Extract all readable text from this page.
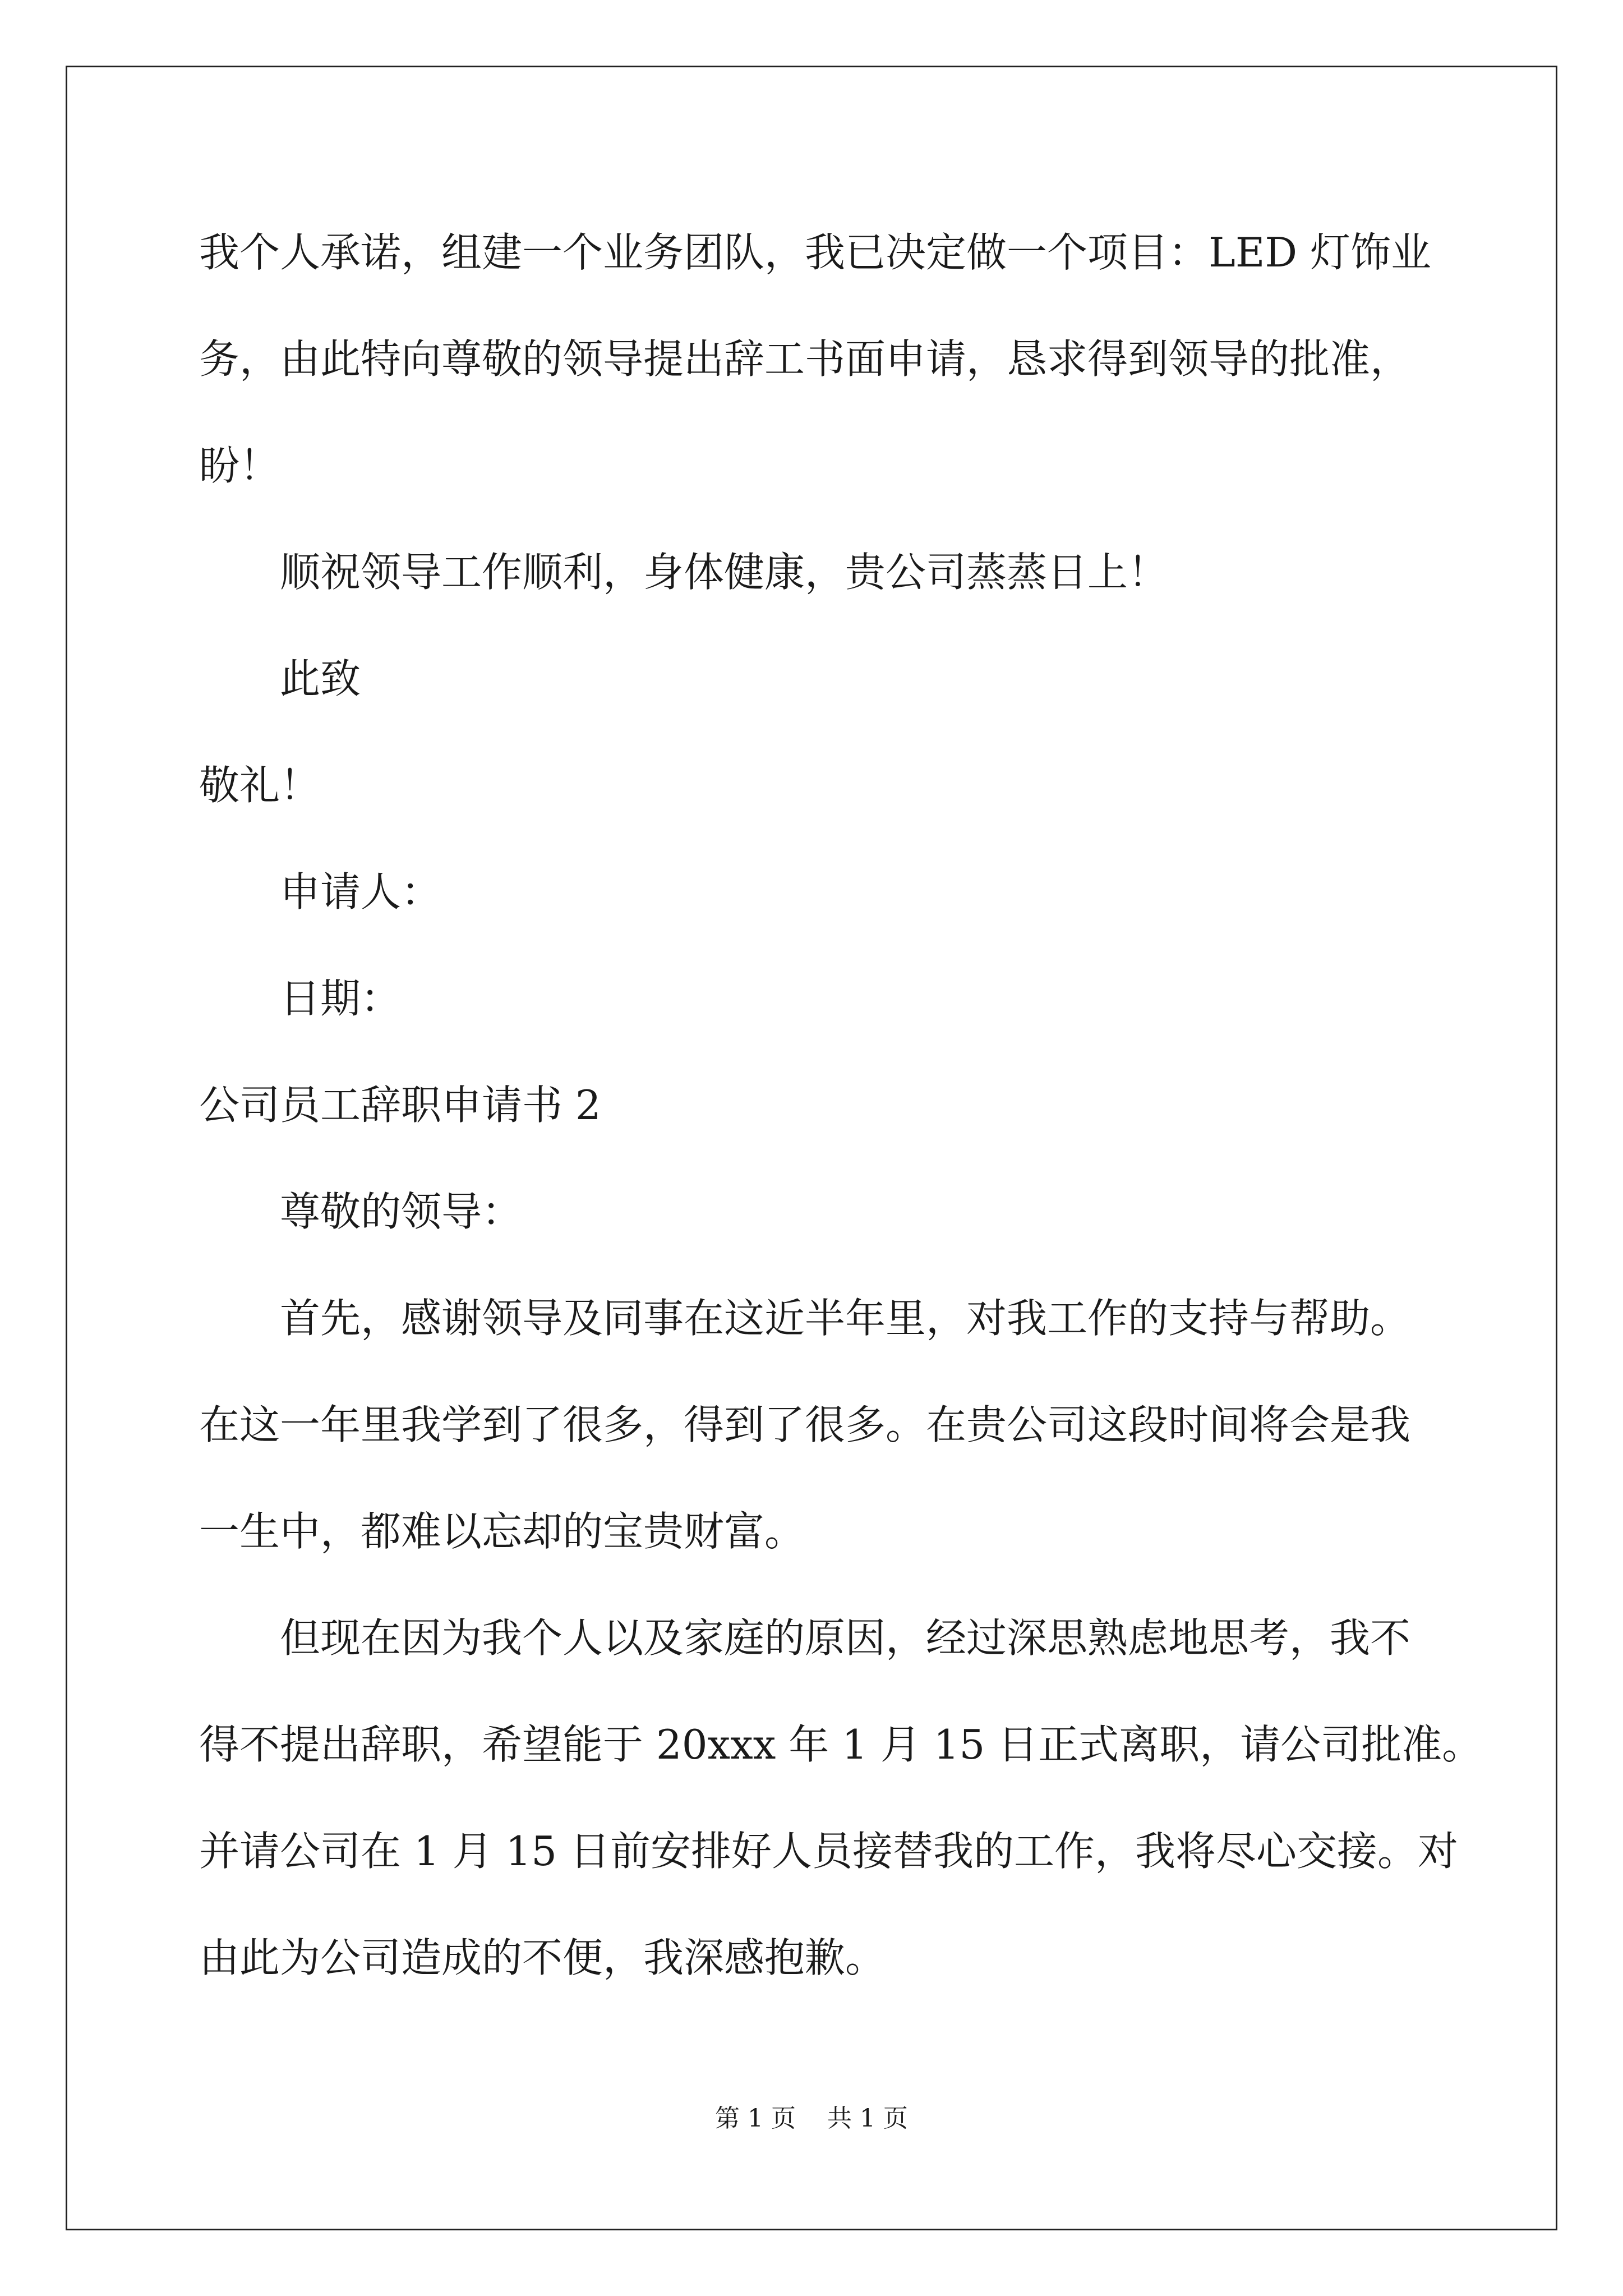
我个人承诺，组建一个业务团队，我已决定做一个项目：LED 灯饰业

务，由此特向尊敬的领导提出辞工书面申请，恳求得到领导的批准，

盼！

顺祝领导工作顺利，身体健康，贵公司蒸蒸日上！

此致

敬礼！

申请人：

日期：

公司员工辞职申请书 2

尊敬的领导：

首先，感谢领导及同事在这近半年里，对我工作的支持与帮助。

在这一年里我学到了很多，得到了很多。在贵公司这段时间将会是我

一生中，都难以忘却的宝贵财富。

但现在因为我个人以及家庭的原因，经过深思熟虑地思考，我不

得不提出辞职，希望能于 20xxx 年 1 月 15 日正式离职，请公司批准。

并请公司在 1 月 15 日前安排好人员接替我的工作，我将尽心交接。对

由此为公司造成的不便，我深感抱歉。

第 1 页    共 1 页
